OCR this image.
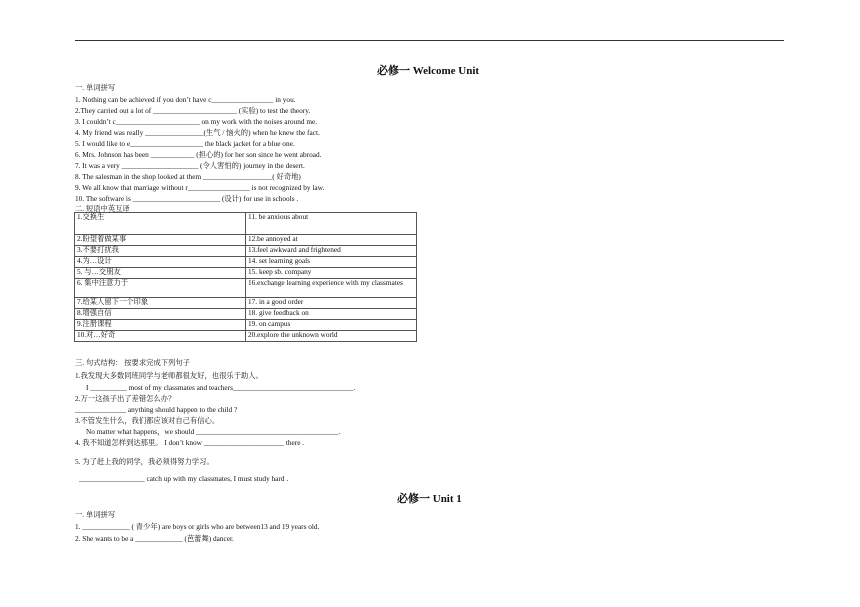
必修一 Welcome Unit
一. 单词拼写
1. Nothing can be achieved if you don’t have c_________________ in you.
2.They carried out a lot of _______________________ (实验) to test the theory.
3. I couldn’t c_______________________ on my work with the noises around me.
4. My friend was really ________________(生气 / 恼火的) when he knew the fact.
5. I would like to e____________________ the black jacket for a blue one.
6. Mrs. Johnson has been ____________ (担心的) for her son since he went abroad.
7. It was a very _____________________ (令人害怕的) journey in the desert.
8. The salesman in the shop looked at them ___________________( 好奇地)
9. We all know that marriage without r_________________ is not recognized by law.
10. The software is ________________________ (设计) for use in schools .
二. 短语中英互译
1.交换生	11. be anxious about
2.盼望着做某事	12.be annoyed at
3.不要打扰我	13.feel awkward and frightened
4.为…设计	14. set learning goals
5. 与…交朋友	15. keep sb. company
6. 集中注意力于	16.exchange learning experience with my classmates
7.给某人留下一个印象	17. in a good order
8.增强自信	18. give feedback on
9.注册课程	19. on campus
10.对…好奇	20.explore the unknown world
三. 句式结构： 按要求完成下列句子
1.我发现大多数同班同学与老师都很友好，也很乐于助人。
I __________ most of my classmates and teachers_________________________________.
2.万一这孩子出了差错怎么办？
______________ anything should happen to the child ?
3.不管发生什么，我们都应该对自己有信心。
No matter what happens，we should _______________________________________.
4. 我不知道怎样到达那里。 I don’t know ______________________ there .
5. 为了赶上我的同学，我必须得努力学习。
__________________ catch up with my classmates, I must study hard .
必修一 Unit 1
一. 单词拼写
1. _____________ ( 青少年) are boys or girls who are between13 and 19 years old.
2. She wants to be a _____________ (芭蕾舞) dancer.
